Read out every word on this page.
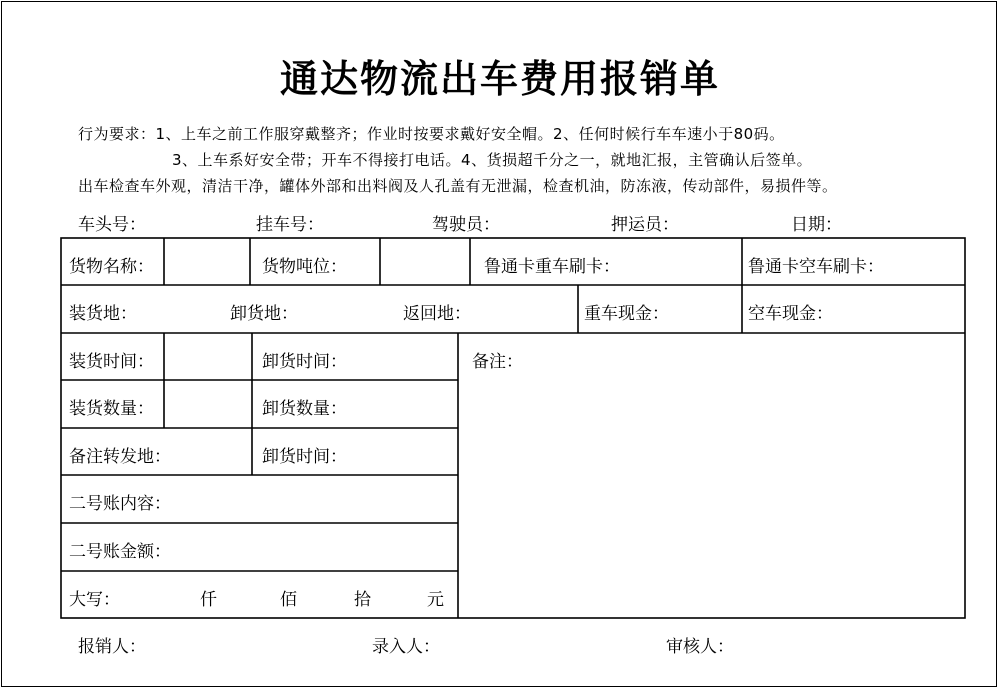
通达物流出车费用报销单
行为要求：1、上车之前工作服穿戴整齐；作业时按要求戴好安全帽。2、任何时候行车车速小于80码。
3、上车系好安全带；开车不得接打电话。4、货损超千分之一，就地汇报，主管确认后签单。
出车检查车外观，清洁干净，罐体外部和出料阀及人孔盖有无泄漏，检查机油，防冻液，传动部件，易损件等。
车头号：	挂车号：	驾驶员：	押运员：	日期：
货物名称：	货物吨位：	鲁通卡重车刷卡：	鲁通卡空车刷卡：
装货地：	卸货地：	返回地：	重车现金：	空车现金：
装货时间：	卸货时间：	备注：
装货数量：	卸货数量：
备注转发地：	卸货时间：
二号账内容：
二号账金额：
大写：	仟	佰	拾	元
报销人：	录入人：	审核人：
